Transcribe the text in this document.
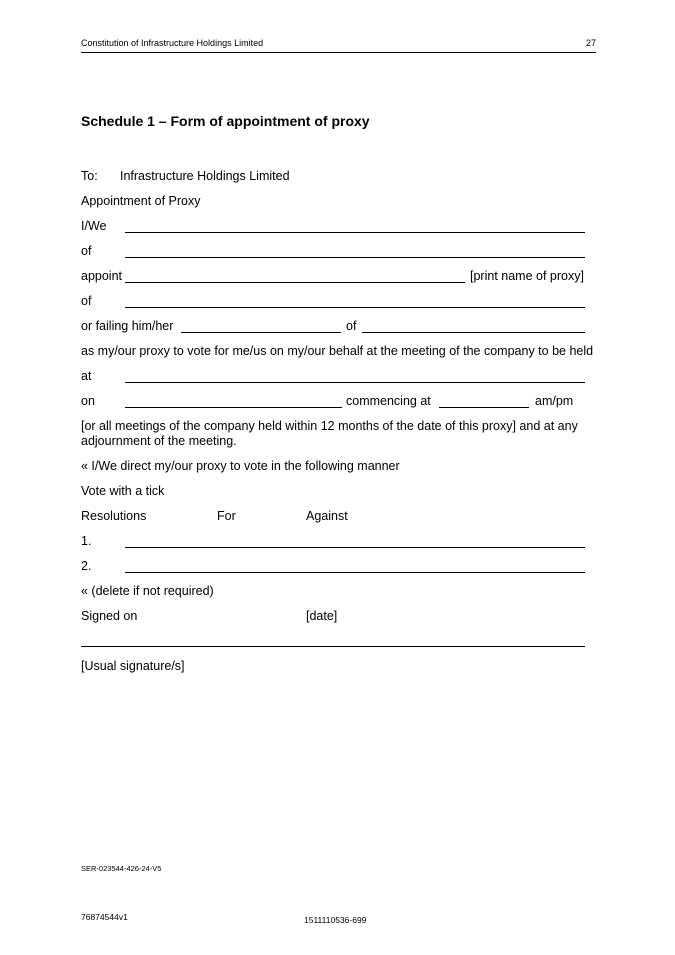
Constitution of Infrastructure Holdings Limited	27
Schedule 1 – Form of appointment of proxy
To: Infrastructure Holdings Limited
Appointment of Proxy
I/We
of
appoint	[print name of proxy]
of
or failing him/her	of
as my/our proxy to vote for me/us on my/our behalf at the meeting of the company to be held
at
on	commencing at	am/pm
[or all meetings of the company held within 12 months of the date of this proxy] and at any
adjournment of the meeting.
« I/We direct my/our proxy to vote in the following manner
Vote with a tick
Resolutions	For	Against
1.
2.
« (delete if not required)
Signed on	[date]
[Usual signature/s]
SER-023544-426-24-V5
76874544v1	1511110536-699
